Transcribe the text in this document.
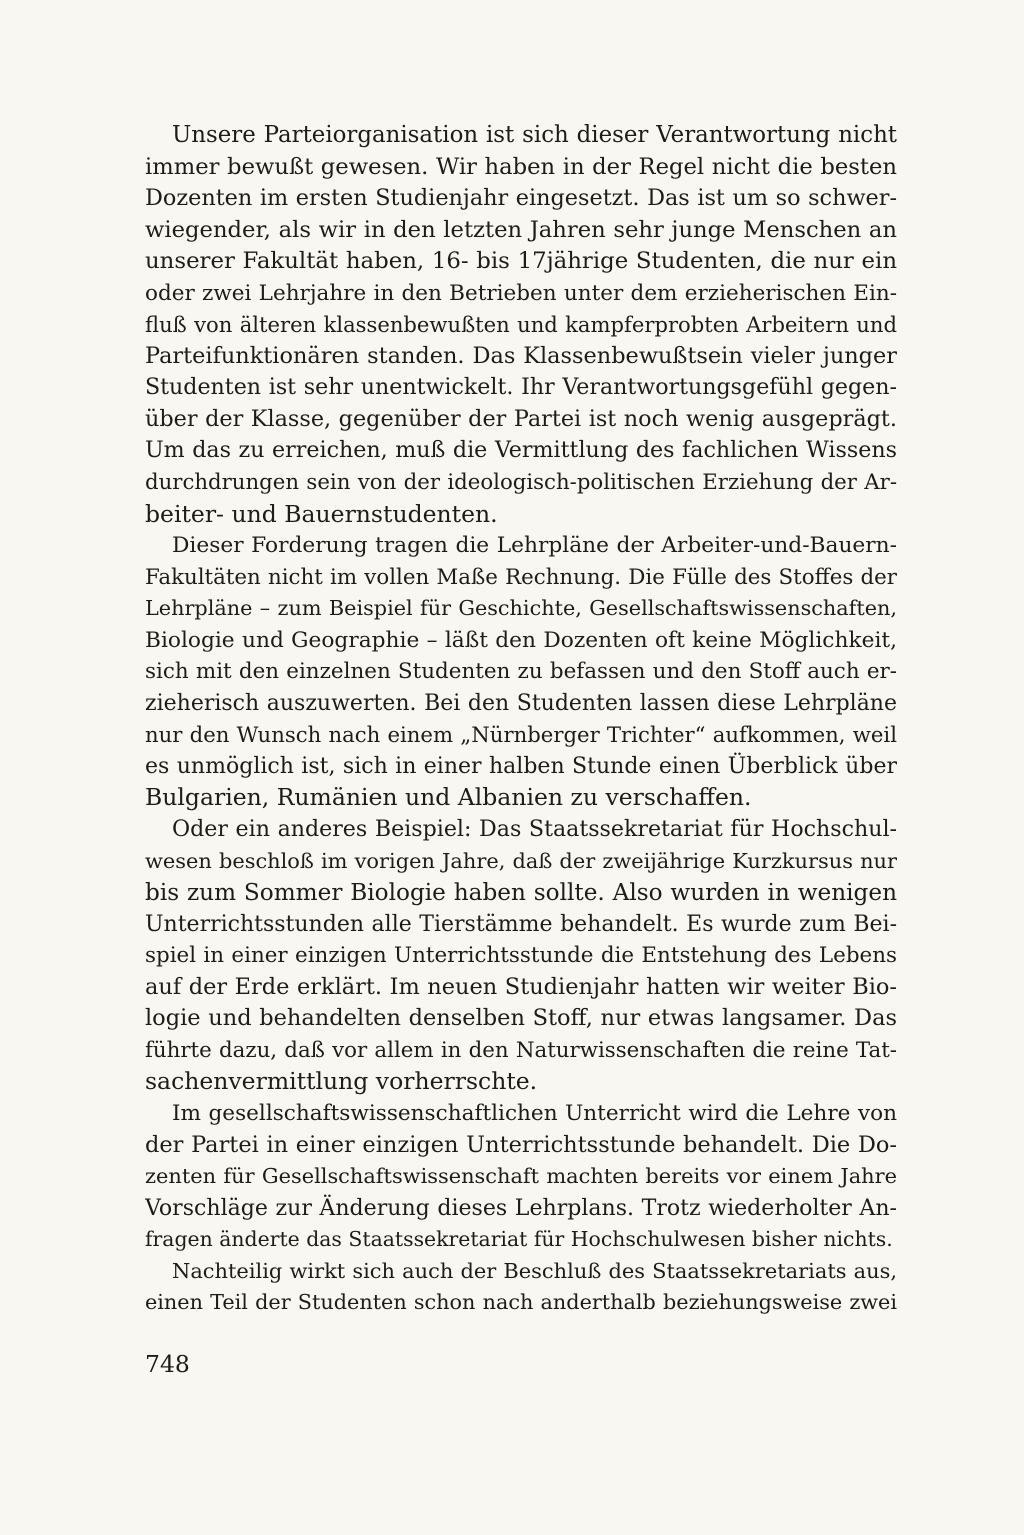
Unsere Parteiorganisation ist sich dieser Verantwortung nicht
immer bewußt gewesen. Wir haben in der Regel nicht die besten
Dozenten im ersten Studienjahr eingesetzt. Das ist um so schwer-
wiegender, als wir in den letzten Jahren sehr junge Menschen an
unserer Fakultät haben, 16- bis 17jährige Studenten, die nur ein
oder zwei Lehrjahre in den Betrieben unter dem erzieherischen Ein-
fluß von älteren klassenbewußten und kampferprobten Arbeitern und
Parteifunktionären standen. Das Klassenbewußtsein vieler junger
Studenten ist sehr unentwickelt. Ihr Verantwortungsgefühl gegen-
über der Klasse, gegenüber der Partei ist noch wenig ausgeprägt.
Um das zu erreichen, muß die Vermittlung des fachlichen Wissens
durchdrungen sein von der ideologisch-politischen Erziehung der Ar-
beiter- und Bauernstudenten.
Dieser Forderung tragen die Lehrpläne der Arbeiter-und-Bauern-
Fakultäten nicht im vollen Maße Rechnung. Die Fülle des Stoffes der
Lehrpläne – zum Beispiel für Geschichte, Gesellschaftswissenschaften,
Biologie und Geographie – läßt den Dozenten oft keine Möglichkeit,
sich mit den einzelnen Studenten zu befassen und den Stoff auch er-
zieherisch auszuwerten. Bei den Studenten lassen diese Lehrpläne
nur den Wunsch nach einem „Nürnberger Trichter“ aufkommen, weil
es unmöglich ist, sich in einer halben Stunde einen Überblick über
Bulgarien, Rumänien und Albanien zu verschaffen.
Oder ein anderes Beispiel: Das Staatssekretariat für Hochschul-
wesen beschloß im vorigen Jahre, daß der zweijährige Kurzkursus nur
bis zum Sommer Biologie haben sollte. Also wurden in wenigen
Unterrichtsstunden alle Tierstämme behandelt. Es wurde zum Bei-
spiel in einer einzigen Unterrichtsstunde die Entstehung des Lebens
auf der Erde erklärt. Im neuen Studienjahr hatten wir weiter Bio-
logie und behandelten denselben Stoff, nur etwas langsamer. Das
führte dazu, daß vor allem in den Naturwissenschaften die reine Tat-
sachenvermittlung vorherrschte.
Im gesellschaftswissenschaftlichen Unterricht wird die Lehre von
der Partei in einer einzigen Unterrichtsstunde behandelt. Die Do-
zenten für Gesellschaftswissenschaft machten bereits vor einem Jahre
Vorschläge zur Änderung dieses Lehrplans. Trotz wiederholter An-
fragen änderte das Staatssekretariat für Hochschulwesen bisher nichts.
Nachteilig wirkt sich auch der Beschluß des Staatssekretariats aus,
einen Teil der Studenten schon nach anderthalb beziehungsweise zwei
748
